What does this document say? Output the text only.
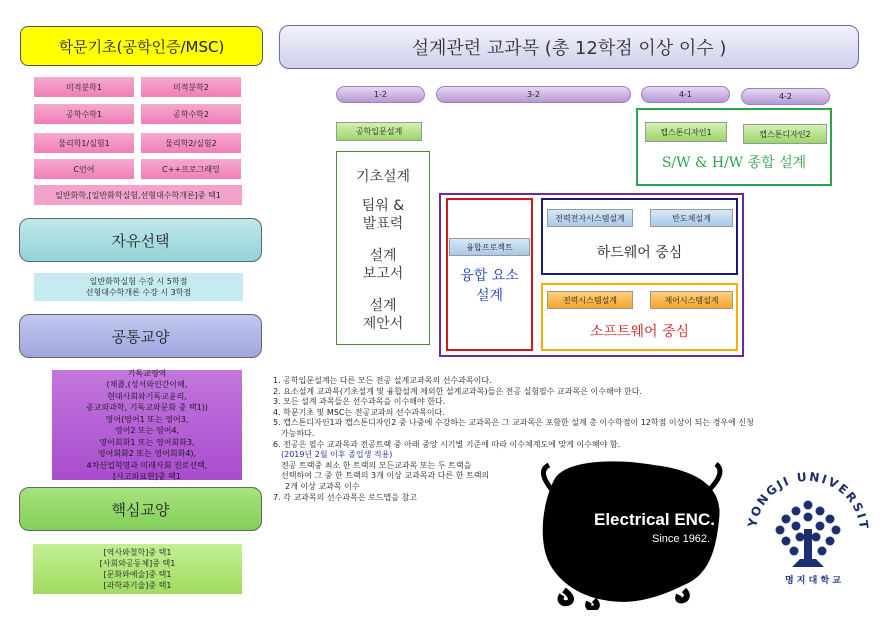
학문기초(공학인증/MSC)
미적분학1	미적분학2
공학수학1	공학수학2
물리학1/실험1	물리학2/실험2
C언어	C++프로그래밍
일반화학,[일반화학실험,선형대수학개론]중 택1
자유선택
일반화학실험 수강 시 5학점
선형대수학개론 수강 시 3학점
공통교양
기독교영역
(채플,(성서와인간이해,
현대사회와기독교윤리,
종교와과학, 기독교와문화 중 택1))
영어(영어1 또는 영어3,
영어2 또는 영어4,
영어회화1 또는 영어회화3,
영어회화2 또는 영어회화4),
4차산업혁명과 미래사회 진로선택,
[사고와표현]중 택1
핵심교양
[역사와철학]중 택1
[사회와공동체]중 택1
[문화와예술]중 택1
[과학과기술]중 택1
설계관련 교과목 (총 12학점 이상 이수 )
1-2	3-2	4-1	4-2
공학입문설계
기초설계
팀워 &
발표력
설계
보고서
설계
제안서
캡스톤디자인1	캡스톤디자인2
S/W & H/W 종합 설계
융합프로젝트
융합 요소
설계
전력전자시스템설계	반도체설계
하드웨어 중심
전력시스템설계	제어시스템설계
소프트웨어 중심
1. 공학입문설계는 다른 모든 전공 설계교과목의 선수과목이다.
2. 요소설계 교과목(기초설계 및 융합설계 제외한 설계교과목)들은 전공 실험필수 교과목은 이수해야 한다.
3. 모든 설계 과목들은 선수과목을 이수해야 한다.
4. 학문기초 및 MSC는 전공교과의 선수과목이다.
5. 캡스톤디자인1과 캡스톤디자인2 중 나중에 수강하는 교과목은 그 교과목은 포함한 설계 총 이수학점이 12학점 이상이 되는 경우에 신청
가능하다.
6. 전공은 필수 교과목과 전공트랙 중 아래 중앙 시기별 기준에 따라 이수체계도에 맞게 이수해야 함.
(2019년 2월 이후 졸업생 적용)
전공 트랙중 최소 한 트랙의 모든교과목 또는 두 트랙을
선택하여 그 중 한 트랙의 3개 이상 교과목과 다른 한 트랙의
2개 이상 교과목 이수
7. 각 교과목의 선수과목은 로드맵을 참고
Electrical ENC.
Since 1962.
YONGJI UNIVERSIT
명 지 대 학 교
